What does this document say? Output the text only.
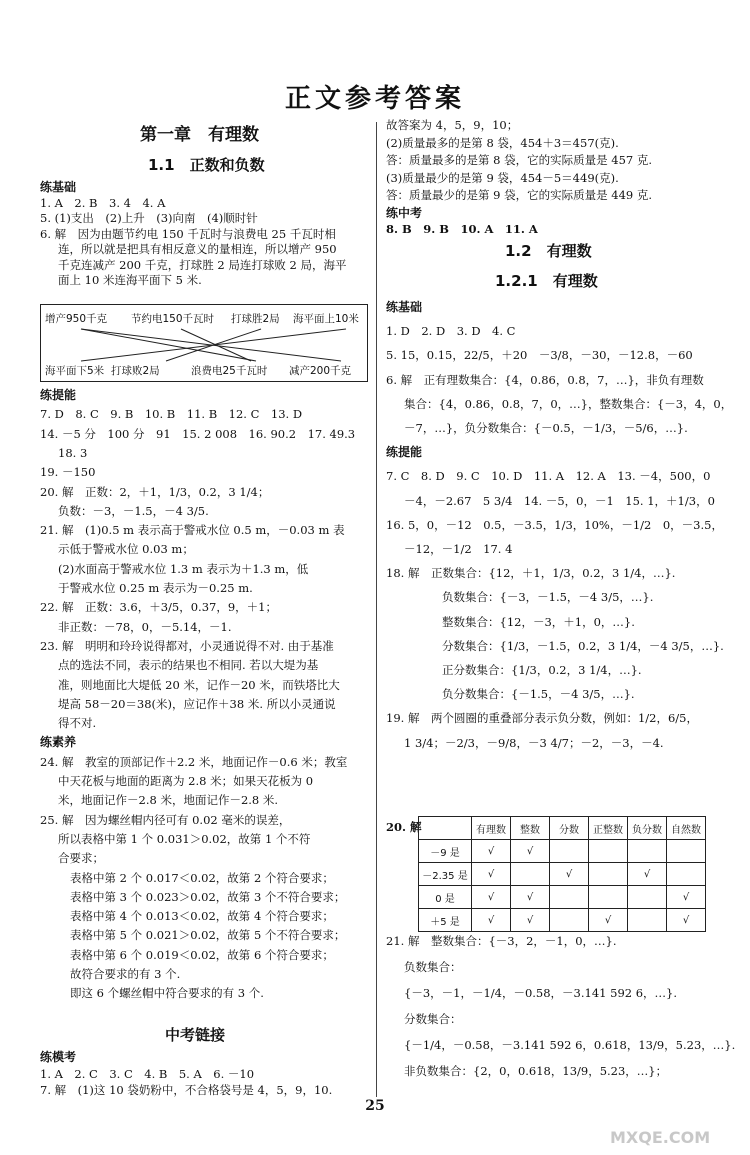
正文参考答案
第一章　有理数
1.1　正数和负数
练基础
1. A　2. B　3. 4　4. A
5. (1)支出　(2)上升　(3)向南　(4)顺时针
6. 解　因为由题节约电 150 千瓦时与浪费电 25 千瓦时相
连，所以就是把具有相反意义的量相连，所以增产 950
千克连减产 200 千克，打球胜 2 局连打球败 2 局，海平
面上 10 米连海平面下 5 米.
增产950千克 节约电150千瓦时 打球胜2局 海平面上10米
海平面下5米 打球败2局	浪费电25千瓦时 减产200千克
练提能
7. D　8. C　9. B　10. B　11. B　12. C　13. D
14. －5 分　100 分　91　15. 2 008　16. 90.2　17. 49.3
18. 3
19. －150
20. 解　正数：2，＋1，1/3，0.2，3 1/4；
负数：－3，－1.5，－4 3/5.
21. 解　(1)0.5 m 表示高于警戒水位 0.5 m，－0.03 m 表
示低于警戒水位 0.03 m；
(2)水面高于警戒水位 1.3 m 表示为＋1.3 m，低
于警戒水位 0.25 m 表示为－0.25 m.
22. 解　正数：3.6，＋3/5，0.37，9，＋1；
非正数：－78，0，－5.14，－1.
23. 解　明明和玲玲说得都对，小灵通说得不对. 由于基准
点的选法不同，表示的结果也不相同. 若以大堤为基
准，则地面比大堤低 20 米，记作－20 米，而铁塔比大
堤高 58－20＝38(米)，应记作＋38 米. 所以小灵通说
得不对.
练素养
24. 解　教室的顶部记作＋2.2 米，地面记作－0.6 米；教室
中天花板与地面的距离为 2.8 米；如果天花板为 0
米，地面记作－2.8 米，地面记作－2.8 米.
25. 解　因为螺丝帽内径可有 0.02 毫米的误差，
所以表格中第 1 个 0.031＞0.02，故第 1 个不符
合要求；
表格中第 2 个 0.017＜0.02，故第 2 个符合要求；
表格中第 3 个 0.023＞0.02，故第 3 个不符合要求；
表格中第 4 个 0.013＜0.02，故第 4 个符合要求；
表格中第 5 个 0.021＞0.02，故第 5 个不符合要求；
表格中第 6 个 0.019＜0.02，故第 6 个符合要求；
故符合要求的有 3 个.
即这 6 个螺丝帽中符合要求的有 3 个.
中考链接
练模考
1. A　2. C　3. C　4. B　5. A　6. －10
7. 解　(1)这 10 袋奶粉中，不合格袋号是 4，5，9，10.
故答案为 4，5，9，10；
(2)质量最多的是第 8 袋，454＋3＝457(克).
答：质量最多的是第 8 袋，它的实际质量是 457 克.
(3)质量最少的是第 9 袋，454－5＝449(克).
答：质量最少的是第 9 袋，它的实际质量是 449 克.
练中考
8. B　9. B　10. A　11. A
1.2　有理数
1.2.1　有理数
练基础
1. D　2. D　3. D　4. C
5. 15，0.15，22/5，＋20　－3/8，－30，－12.8，－60
6. 解　正有理数集合：{4，0.86，0.8，7，…}，非负有理数
集合：{4，0.86，0.8，7，0，…}，整数集合：{－3，4，0，
－7，…}，负分数集合：{－0.5，－1/3，－5/6，…}.
练提能
7. C　8. D　9. C　10. D　11. A　12. A　13. －4，500，0
－4，－2.67　5 3/4　14. －5，0，－1　15. 1，＋1/3，0
16. 5，0，－12　0.5，－3.5，1/3，10%，－1/2　0，－3.5，
－12，－1/2　17. 4
18. 解　正数集合：{12，＋1，1/3，0.2，3 1/4，…}.
负数集合：{－3，－1.5，－4 3/5，…}.
整数集合：{12，－3，＋1，0，…}.
分数集合：{1/3，－1.5，0.2，3 1/4，－4 3/5，…}.
正分数集合：{1/3，0.2，3 1/4，…}.
负分数集合：{－1.5，－4 3/5，…}.
19. 解　两个圆圈的重叠部分表示负分数，例如：1/2，6/5，
1 3/4；－2/3，－9/8，－3 4/7；－2，－3，－4.
20. 解
		有理数	整数	分数	正整数	负分数	自然数
－9 是	√	√				
－2.35 是	√		√		√	
0 是	√	√				√
＋5 是	√	√		√		√
21. 解　整数集合：{－3，2，－1，0，…}.
负数集合：
{－3，－1，－1/4，－0.58，－3.141 592 6，…}.
分数集合：
{－1/4，－0.58，－3.141 592 6，0.618，13/9，5.23，…}.
非负数集合：{2，0，0.618，13/9，5.23，…}；
25
MXQE.COM
